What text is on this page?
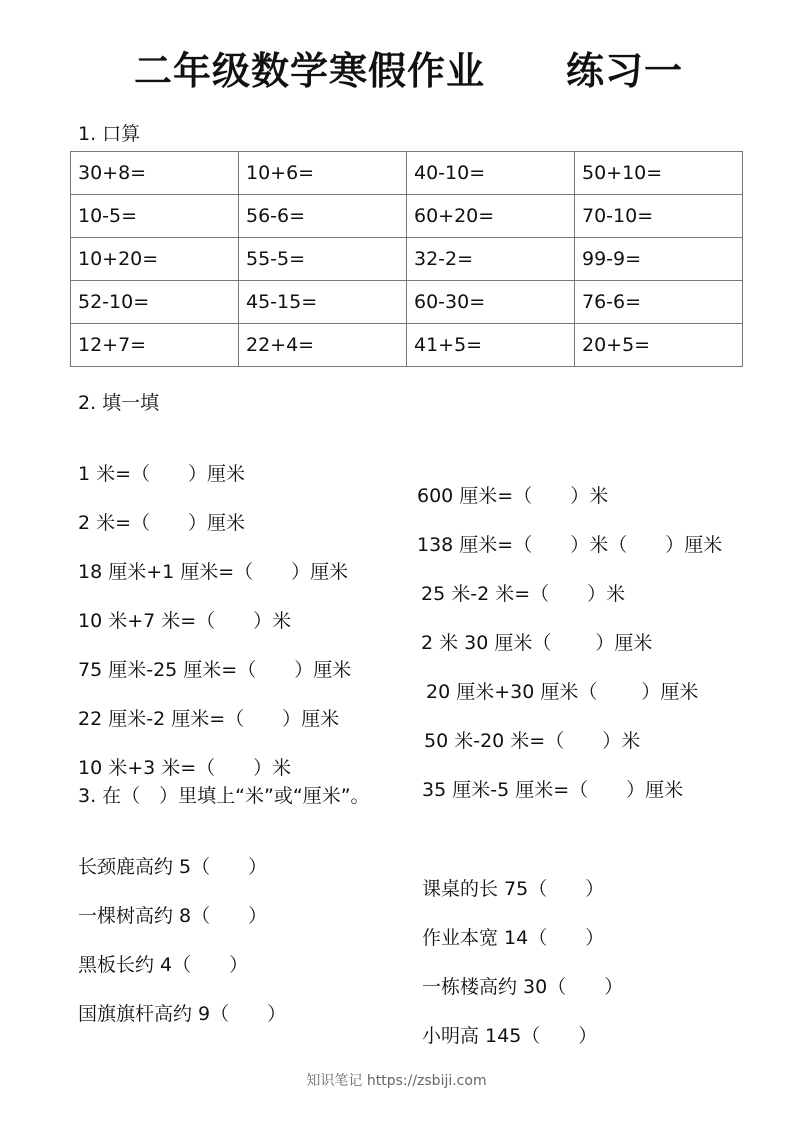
二年级数学寒假作业 练习一
1. 口算
30+8=	10+6=	40-10=	50+10=
10-5=	56-6=	60+20=	70-10=
10+20=	55-5=	32-2=	99-9=
52-10=	45-15=	60-30=	76-6=
12+7=	22+4=	41+5=	20+5=
2. 填一填

1 米=（　　）厘米

600 厘米=（　　）米

2 米=（　　）厘米

138 厘米=（　　）米（　　）厘米

18 厘米+1 厘米=（　　）厘米

25 米-2 米=（　　）米

10 米+7 米=（　　）米

2 米 30 厘米（　　 ）厘米

75 厘米-25 厘米=（　　）厘米

20 厘米+30 厘米（　　 ）厘米

22 厘米-2 厘米=（　　）厘米

50 米-20 米=（　　）米

10 米+3 米=（　　）米

35 厘米-5 厘米=（　　）厘米

3. 在（　）里填上“米”或“厘米”。

长颈鹿高约 5（　　）

课桌的长 75（　　）

一棵树高约 8（　　）

作业本宽 14（　　）

黑板长约 4（　　）

一栋楼高约 30（　　）

国旗旗杆高约 9（　　）

小明高 145（　　）

知识笔记 https://zsbiji.com
